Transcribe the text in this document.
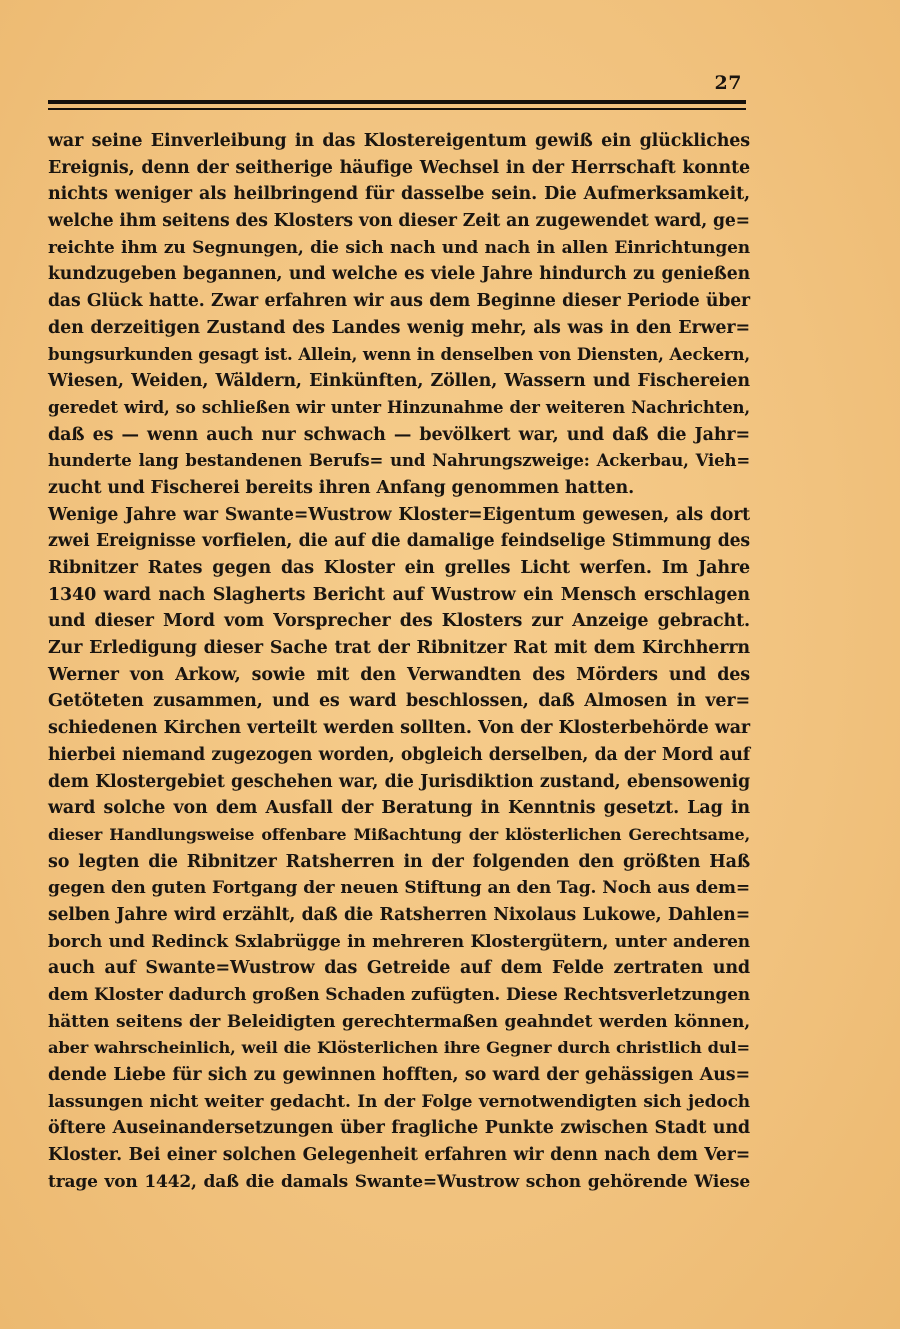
27
war seine Einverleibung in das Klostereigentum gewiß ein glückliches
Ereignis, denn der seitherige häufige Wechsel in der Herrschaft konnte
nichts weniger als heilbringend für dasselbe sein. Die Aufmerksamkeit,
welche ihm seitens des Klosters von dieser Zeit an zugewendet ward, ge=
reichte ihm zu Segnungen, die sich nach und nach in allen Einrichtungen
kundzugeben begannen, und welche es viele Jahre hindurch zu genießen
das Glück hatte. Zwar erfahren wir aus dem Beginne dieser Periode über
den derzeitigen Zustand des Landes wenig mehr, als was in den Erwer=
bungsurkunden gesagt ist. Allein, wenn in denselben von Diensten, Aeckern,
Wiesen, Weiden, Wäldern, Einkünften, Zöllen, Wassern und Fischereien
geredet wird, so schließen wir unter Hinzunahme der weiteren Nachrichten,
daß es — wenn auch nur schwach — bevölkert war, und daß die Jahr=
hunderte lang bestandenen Berufs= und Nahrungszweige: Ackerbau, Vieh=
zucht und Fischerei bereits ihren Anfang genommen hatten.
Wenige Jahre war Swante=Wustrow Kloster=Eigentum gewesen, als dort
zwei Ereignisse vorfielen, die auf die damalige feindselige Stimmung des
Ribnitzer Rates gegen das Kloster ein grelles Licht werfen. Im Jahre
1340 ward nach Slagherts Bericht auf Wustrow ein Mensch erschlagen
und dieser Mord vom Vorsprecher des Klosters zur Anzeige gebracht.
Zur Erledigung dieser Sache trat der Ribnitzer Rat mit dem Kirchherrn
Werner von Arkow, sowie mit den Verwandten des Mörders und des
Getöteten zusammen, und es ward beschlossen, daß Almosen in ver=
schiedenen Kirchen verteilt werden sollten. Von der Klosterbehörde war
hierbei niemand zugezogen worden, obgleich derselben, da der Mord auf
dem Klostergebiet geschehen war, die Jurisdiktion zustand, ebensowenig
ward solche von dem Ausfall der Beratung in Kenntnis gesetzt. Lag in
dieser Handlungsweise offenbare Mißachtung der klösterlichen Gerechtsame,
so legten die Ribnitzer Ratsherren in der folgenden den größten Haß
gegen den guten Fortgang der neuen Stiftung an den Tag. Noch aus dem=
selben Jahre wird erzählt, daß die Ratsherren Nixolaus Lukowe, Dahlen=
borch und Redinck Sxlabrügge in mehreren Klostergütern, unter anderen
auch auf Swante=Wustrow das Getreide auf dem Felde zertraten und
dem Kloster dadurch großen Schaden zufügten. Diese Rechtsverletzungen
hätten seitens der Beleidigten gerechtermaßen geahndet werden können,
aber wahrscheinlich, weil die Klösterlichen ihre Gegner durch christlich dul=
dende Liebe für sich zu gewinnen hofften, so ward der gehässigen Aus=
lassungen nicht weiter gedacht. In der Folge vernotwendigten sich jedoch
öftere Auseinandersetzungen über fragliche Punkte zwischen Stadt und
Kloster. Bei einer solchen Gelegenheit erfahren wir denn nach dem Ver=
trage von 1442, daß die damals Swante=Wustrow schon gehörende Wiese
